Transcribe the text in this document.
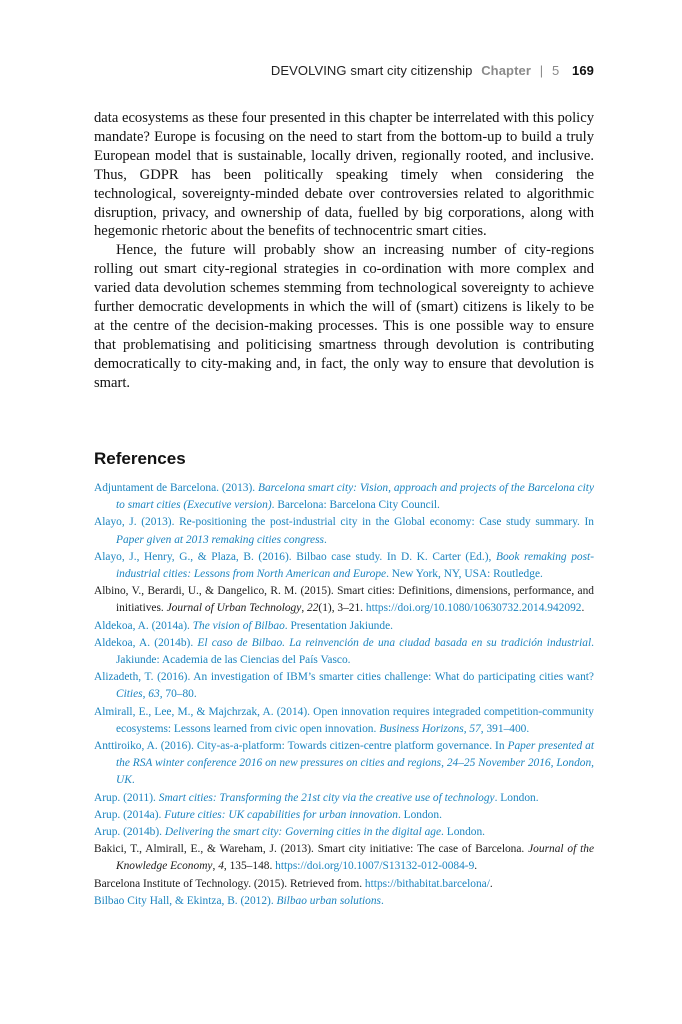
DEVOLVING smart city citizenship Chapter | 5 169

data ecosystems as these four presented in this chapter be interrelated with this policy mandate? Europe is focusing on the need to start from the bottom-up to build a truly European model that is sustainable, locally driven, regionally rooted, and inclusive. Thus, GDPR has been politically speaking timely when considering the technological, sovereignty-minded debate over controversies related to algorithmic disruption, privacy, and ownership of data, fuelled by big corporations, along with hegemonic rhetoric about the benefits of technocentric smart cities.

Hence, the future will probably show an increasing number of city-regions rolling out smart city-regional strategies in co-ordination with more complex and varied data devolution schemes stemming from technological sovereignty to achieve further democratic developments in which the will of (smart) citizens is likely to be at the centre of the decision-making processes. This is one possible way to ensure that problematising and politicising smartness through devolution is contributing democratically to city-making and, in fact, the only way to ensure that devolution is smart.

References

Adjuntament de Barcelona. (2013). Barcelona smart city: Vision, approach and projects of the Barcelona city to smart cities (Executive version). Barcelona: Barcelona City Council.

Alayo, J. (2013). Re-positioning the post-industrial city in the Global economy: Case study summary. In Paper given at 2013 remaking cities congress.

Alayo, J., Henry, G., & Plaza, B. (2016). Bilbao case study. In D. K. Carter (Ed.), Book remaking post-industrial cities: Lessons from North American and Europe. New York, NY, USA: Routledge.

Albino, V., Berardi, U., & Dangelico, R. M. (2015). Smart cities: Definitions, dimensions, performance, and initiatives. Journal of Urban Technology, 22(1), 3–21. https://doi.org/10.1080/10630732.2014.942092.

Aldekoa, A. (2014a). The vision of Bilbao. Presentation Jakiunde.

Aldekoa, A. (2014b). El caso de Bilbao. La reinvención de una ciudad basada en su tradición industrial. Jakiunde: Academia de las Ciencias del País Vasco.

Alizadeth, T. (2016). An investigation of IBM’s smarter cities challenge: What do participating cities want? Cities, 63, 70–80.

Almirall, E., Lee, M., & Majchrzak, A. (2014). Open innovation requires integraded competition-community ecosystems: Lessons learned from civic open innovation. Business Horizons, 57, 391–400.

Anttiroiko, A. (2016). City-as-a-platform: Towards citizen-centre platform governance. In Paper presented at the RSA winter conference 2016 on new pressures on cities and regions, 24–25 November 2016, London, UK.

Arup. (2011). Smart cities: Transforming the 21st city via the creative use of technology. London.

Arup. (2014a). Future cities: UK capabilities for urban innovation. London.

Arup. (2014b). Delivering the smart city: Governing cities in the digital age. London.

Bakici, T., Almirall, E., & Wareham, J. (2013). Smart city initiative: The case of Barcelona. Journal of the Knowledge Economy, 4, 135–148. https://doi.org/10.1007/S13132-012-0084-9.

Barcelona Institute of Technology. (2015). Retrieved from. https://bithabitat.barcelona/.

Bilbao City Hall, & Ekintza, B. (2012). Bilbao urban solutions.
